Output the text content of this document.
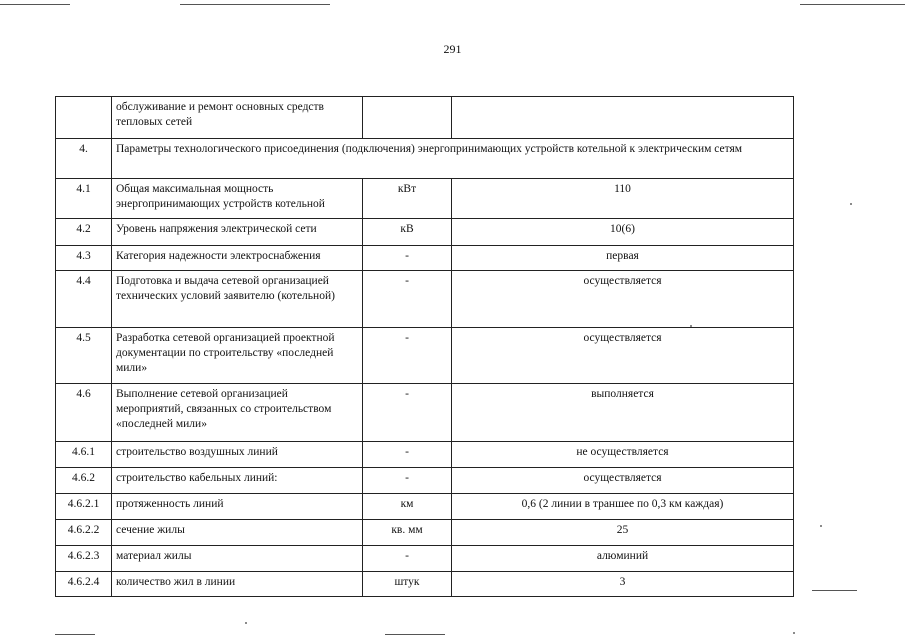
291
	обслуживание и ремонт основных средств тепловых сетей		
4.	Параметры технологического присоединения (подключения) энергопринимающих устройств котельной к электрическим сетям		
4.1	Общая максимальная мощность энергопринимающих устройств котельной	кВт	110
4.2	Уровень напряжения электрической сети	кВ	10(6)
4.3	Категория надежности электроснабжения	-	первая
4.4	Подготовка и выдача сетевой организацией технических условий заявителю (котельной)	-	осуществляется
4.5	Разработка сетевой организацией проектной документации по строительству «последней мили»	-	осуществляется
4.6	Выполнение сетевой организацией мероприятий, связанных со строительством «последней мили»	-	выполняется
4.6.1	строительство воздушных линий	-	не осуществляется
4.6.2	строительство кабельных линий:	-	осуществляется
4.6.2.1	протяженность линий	км	0,6 (2 линии в траншее по 0,3 км каждая)
4.6.2.2	сечение жилы	кв. мм	25
4.6.2.3	материал жилы	-	алюминий
4.6.2.4	количество жил в линии	штук	3
